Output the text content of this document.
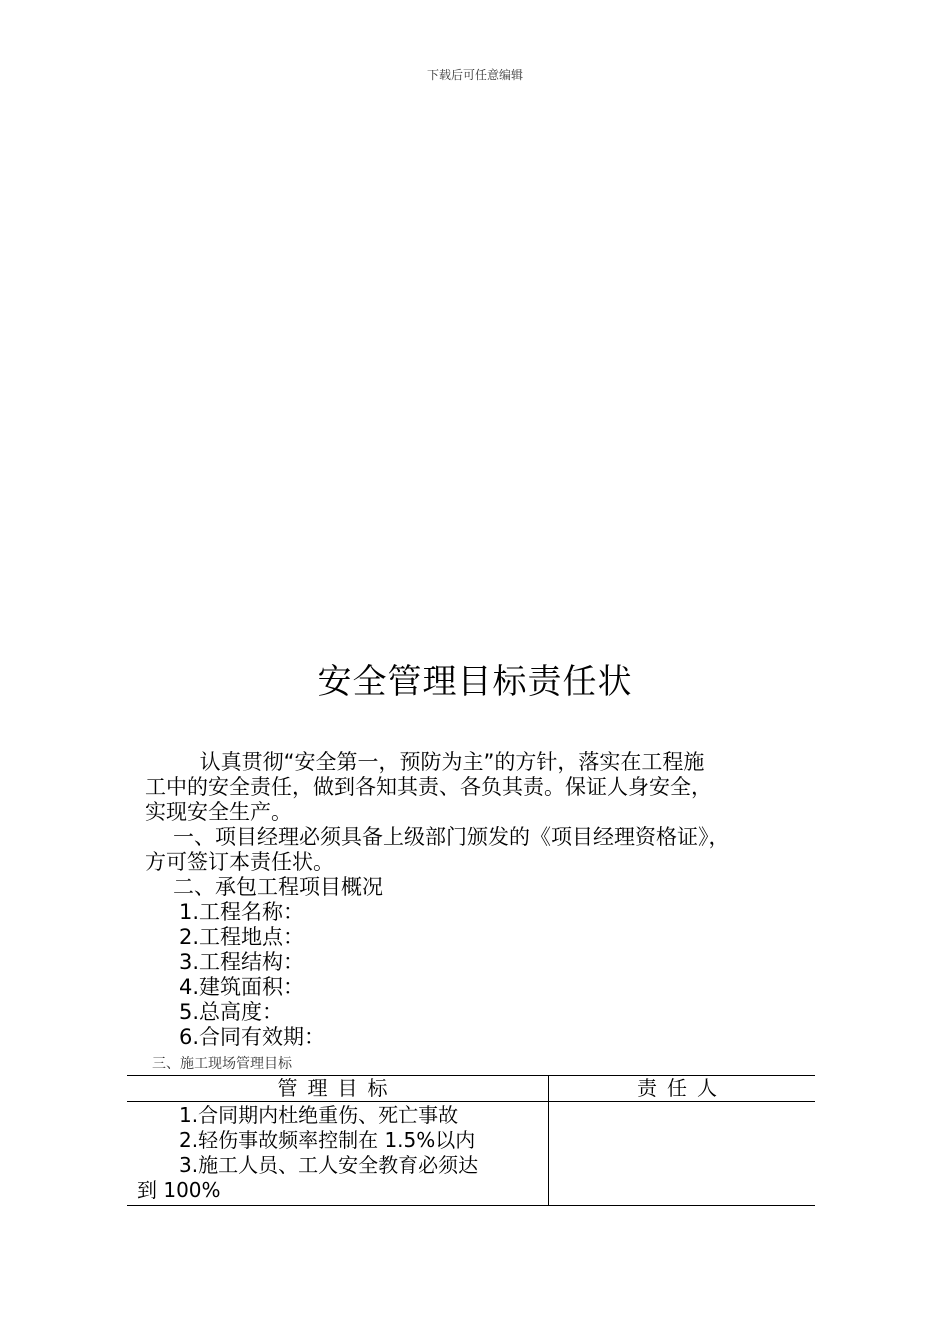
下载后可任意编辑
安全管理目标责任状

认真贯彻“安全第一，预防为主”的方针，落实在工程施

工中的安全责任，做到各知其责、各负其责。保证人身安全，

实现安全生产。

一、项目经理必须具备上级部门颁发的《项目经理资格证》，

方可签订本责任状。

二、承包工程项目概况

1.工程名称：

2.工程地点：

3.工程结构：

4.建筑面积：

5.总高度：

6.合同有效期：

三、施工现场管理目标
管理目标	责任人

1.合同期内杜绝重伤、死亡事故
2.轻伤事故频率控制在 1.5%以内
3.施工人员、工人安全教育必须达
到 100%	
